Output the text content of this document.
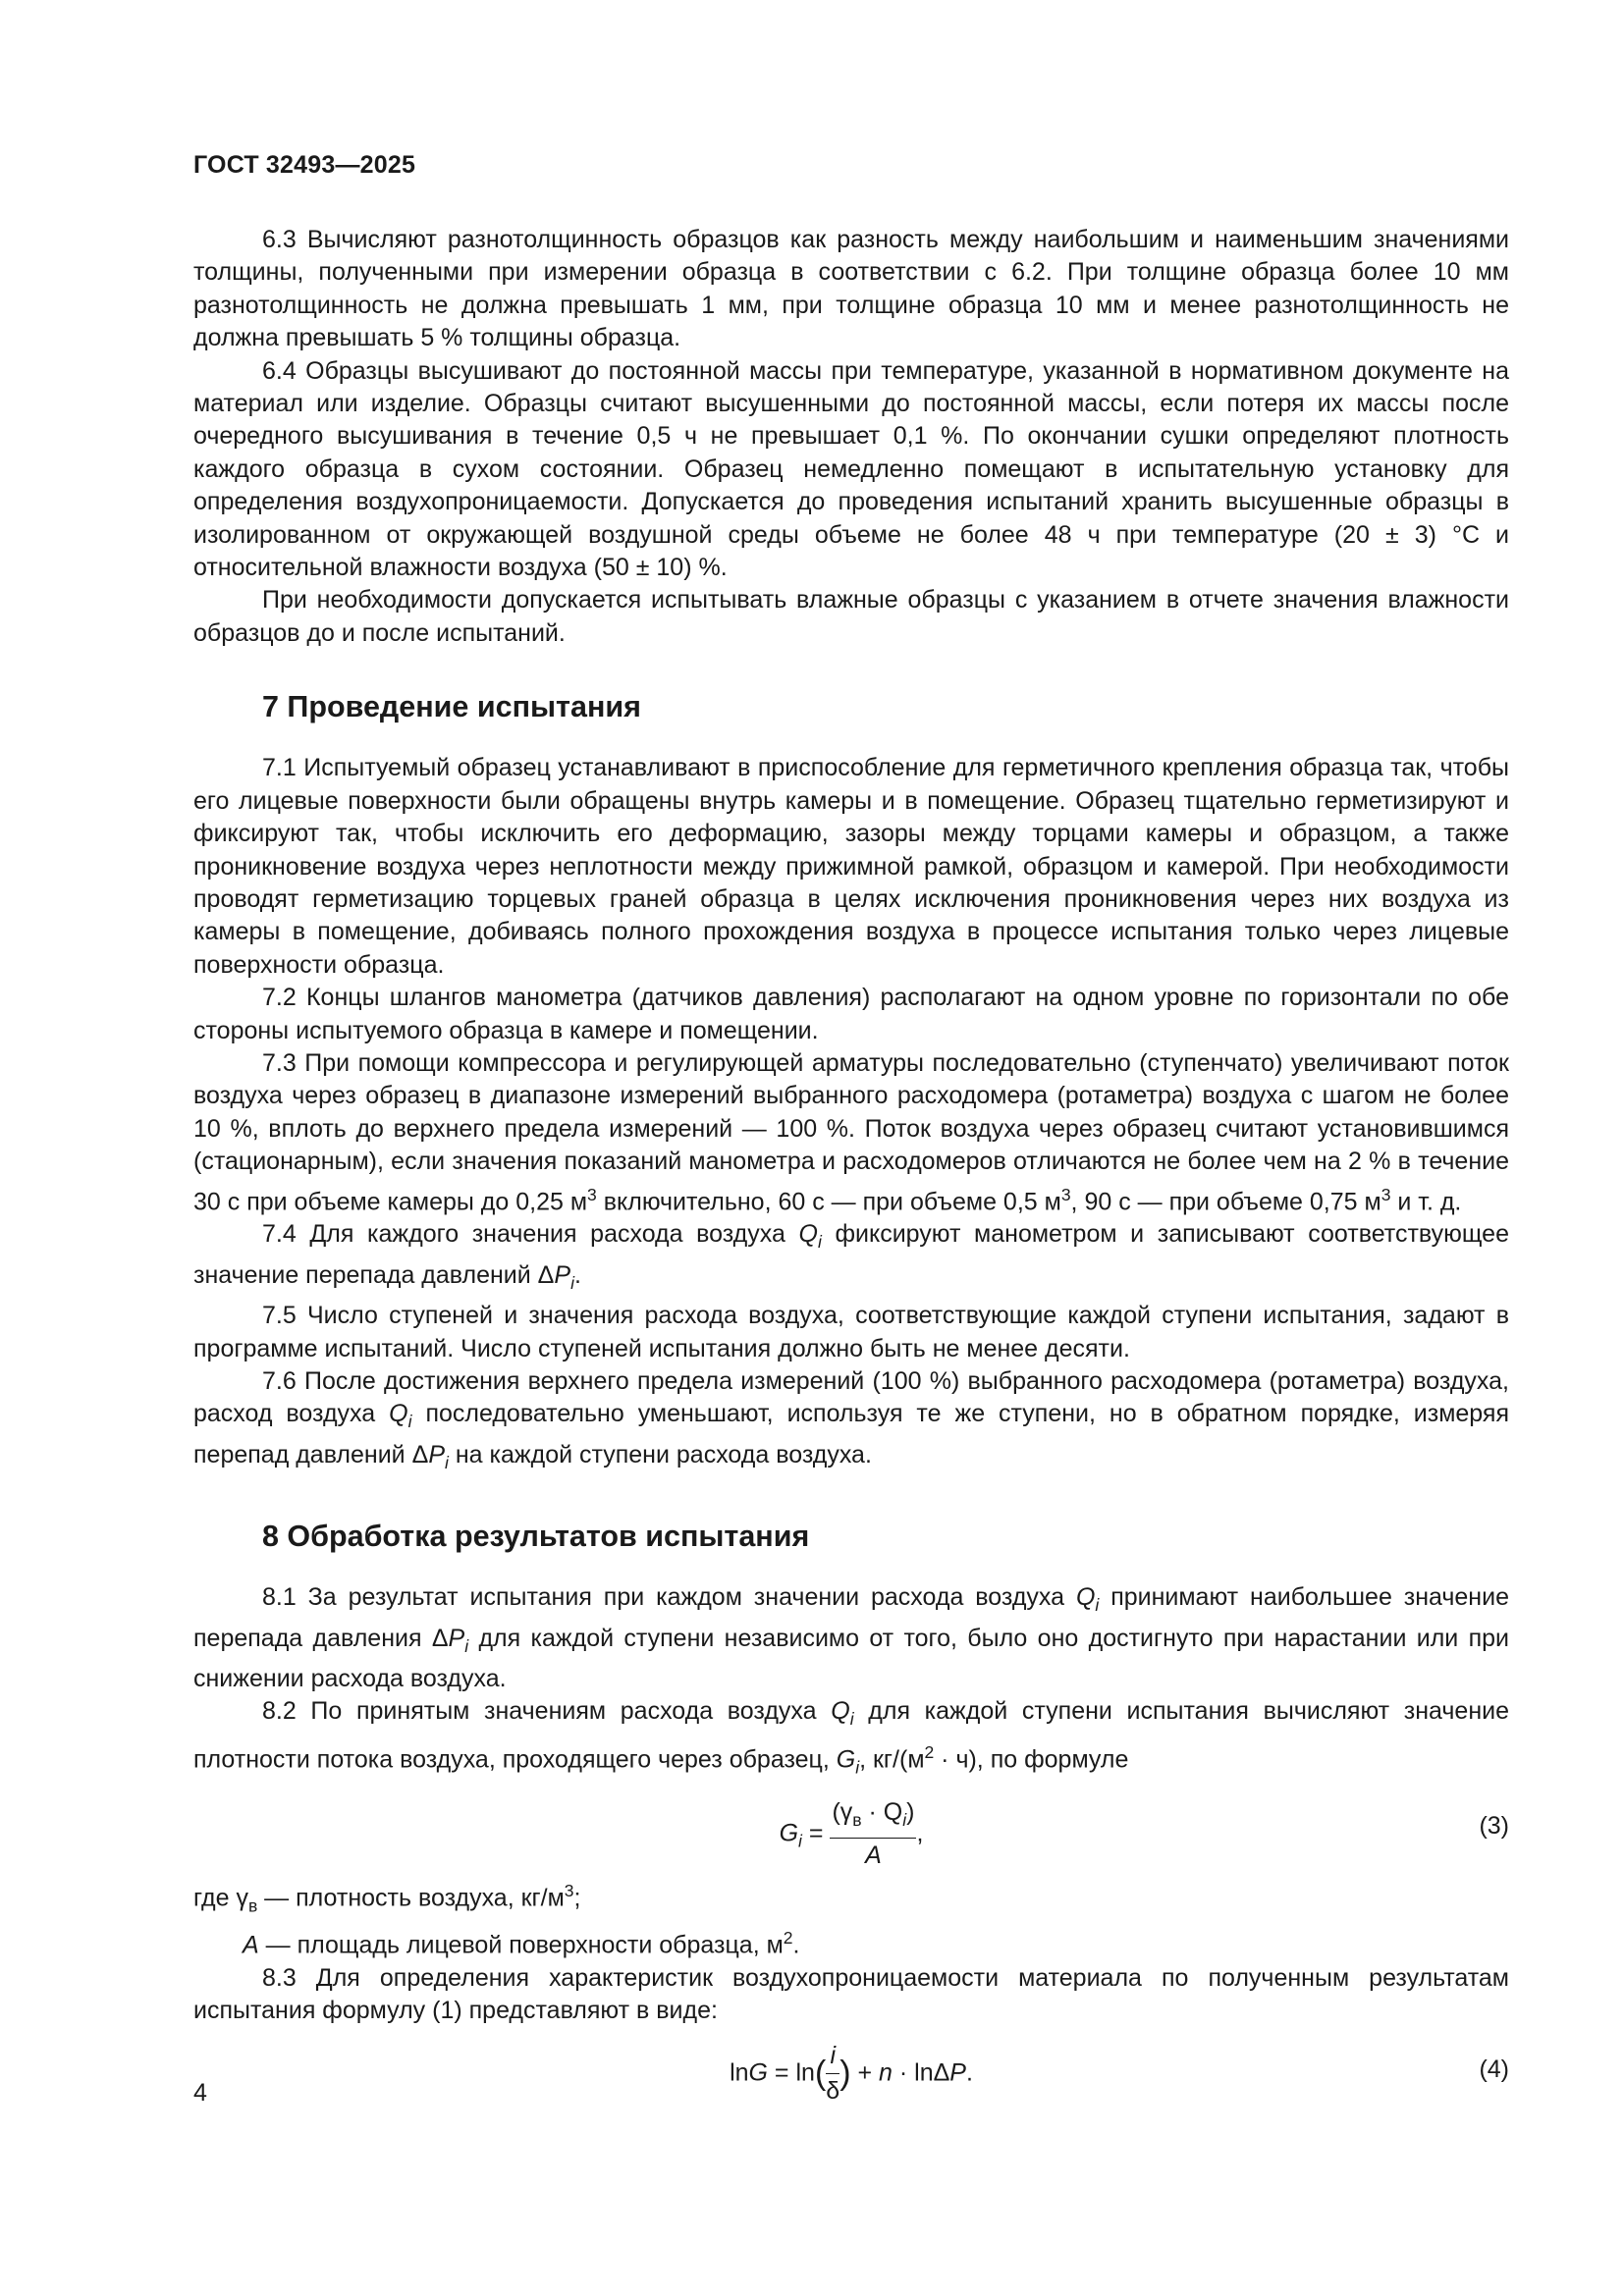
ГОСТ 32493—2025

6.3 Вычисляют разнотолщинность образцов как разность между наибольшим и наименьшим значениями толщины, полученными при измерении образца в соответствии с 6.2. При толщине образца более 10 мм разнотолщинность не должна превышать 1 мм, при толщине образца 10 мм и менее разнотолщинность не должна превышать 5 % толщины образца.

6.4 Образцы высушивают до постоянной массы при температуре, указанной в нормативном документе на материал или изделие. Образцы считают высушенными до постоянной массы, если потеря их массы после очередного высушивания в течение 0,5 ч не превышает 0,1 %. По окончании сушки определяют плотность каждого образца в сухом состоянии. Образец немедленно помещают в испытательную установку для определения воздухопроницаемости. Допускается до проведения испытаний хранить высушенные образцы в изолированном от окружающей воздушной среды объеме не более 48 ч при температуре (20 ± 3) °С и относительной влажности воздуха (50 ± 10) %.

При необходимости допускается испытывать влажные образцы с указанием в отчете значения влажности образцов до и после испытаний.

7 Проведение испытания

7.1 Испытуемый образец устанавливают в приспособление для герметичного крепления образца так, чтобы его лицевые поверхности были обращены внутрь камеры и в помещение. Образец тщательно герметизируют и фиксируют так, чтобы исключить его деформацию, зазоры между торцами камеры и образцом, а также проникновение воздуха через неплотности между прижимной рамкой, образцом и камерой. При необходимости проводят герметизацию торцевых граней образца в целях исключения проникновения через них воздуха из камеры в помещение, добиваясь полного прохождения воздуха в процессе испытания только через лицевые поверхности образца.

7.2 Концы шлангов манометра (датчиков давления) располагают на одном уровне по горизонтали по обе стороны испытуемого образца в камере и помещении.

7.3 При помощи компрессора и регулирующей арматуры последовательно (ступенчато) увеличивают поток воздуха через образец в диапазоне измерений выбранного расходомера (ротаметра) воздуха с шагом не более 10 %, вплоть до верхнего предела измерений — 100 %. Поток воздуха через образец считают установившимся (стационарным), если значения показаний манометра и расходомеров отличаются не более чем на 2 % в течение 30 с при объеме камеры до 0,25 $м^3$ включительно, 60 с — при объеме 0,5 $м^3$, 90 с — при объеме 0,75 $м^3$ и т. д.

7.4 Для каждого значения расхода воздуха $Q_i$ фиксируют манометром и записывают соответствующее значение перепада давлений $\Delta P_i$.

7.5 Число ступеней и значения расхода воздуха, соответствующие каждой ступени испытания, задают в программе испытаний. Число ступеней испытания должно быть не менее десяти.

7.6 После достижения верхнего предела измерений (100 %) выбранного расходомера (ротаметра) воздуха, расход воздуха $Q_i$ последовательно уменьшают, используя те же ступени, но в обратном порядке, измеряя перепад давлений $\Delta P_i$ на каждой ступени расхода воздуха.

8 Обработка результатов испытания

8.1 За результат испытания при каждом значении расхода воздуха $Q_i$ принимают наибольшее значение перепада давления $\Delta P_i$ для каждой ступени независимо от того, было оно достигнуто при нарастании или при снижении расхода воздуха.

8.2 По принятым значениям расхода воздуха $Q_i$ для каждой ступени испытания вычисляют значение плотности потока воздуха, проходящего через образец, $G_i$, $кг/(м^2 \cdot ч)$, по формуле

$G_i = \frac{(\gamma_в \cdot Q_i)}{A}$ ,	(3)

где $\gamma_в$ — плотность воздуха, $кг/м^3$;

A — площадь лицевой поверхности образца, $м^2$.

8.3 Для определения характеристик воздухопроницаемости материала по полученным результатам испытания формулу (1) представляют в виде:

$\ln G = \ln( \frac{i}{\delta}$ ) + n · lnΔP.	(4)
4
